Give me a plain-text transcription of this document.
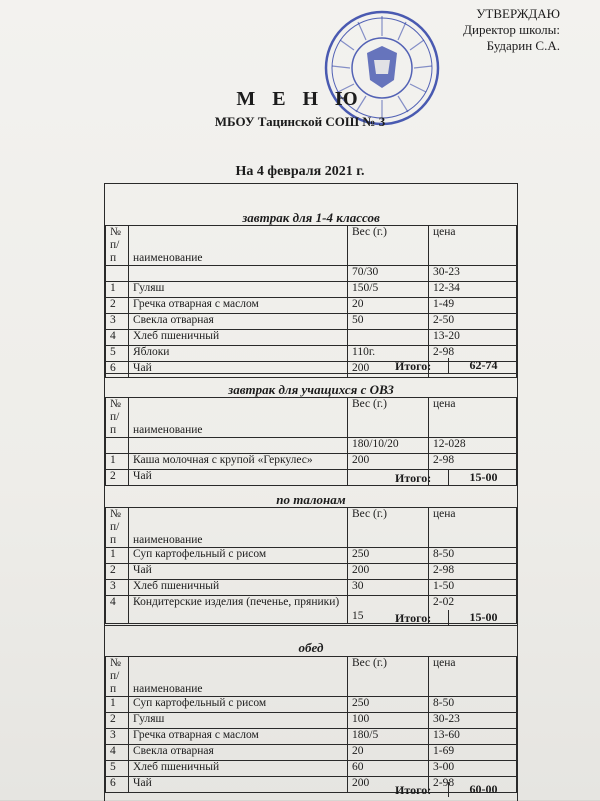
УТВЕРЖДАЮ
Директор школы:
Бударин С.А.
М Е Н Ю
МБОУ Тацинской СОШ № 3
На 4 февраля 2021 г.
завтрак для 1-4 классов
№ п/п	наименование	Вес (г.)	цена
		70/30	30-23
1	Гуляш	150/5	12-34
2	Гречка отварная с маслом	20	1-49
3	Свекла отварная	50	2-50
4	Хлеб пшеничный		13-20
5	Яблоки	110г.	2-98
6	Чай	200	Итого:	62-74
завтрак для учащихся с ОВЗ
№ п/п	наименование	Вес (г.)	цена
		180/10/20	12-028
1	Каша молочная с крупой «Геркулес»	200	2-98
2	Чай			Итого:	15-00
по талонам
№ п/п	наименование	Вес (г.)	цена
1	Суп картофельный с рисом	250	8-50
2	Чай	200	2-98
3	Хлеб пшеничный	30	1-50
4	Кондитерские изделия (печенье, пряники)	15	2-02
Итого:	15-00
обед
№ п/п	наименование	Вес (г.)	цена
1	Суп картофельный с рисом	250	8-50
2	Гуляш	100	30-23
3	Гречка отварная с маслом	180/5	13-60
4	Свекла отварная	20	1-69
5	Хлеб пшеничный	60	3-00
6	Чай	200	2-98
Итого:	60-00
